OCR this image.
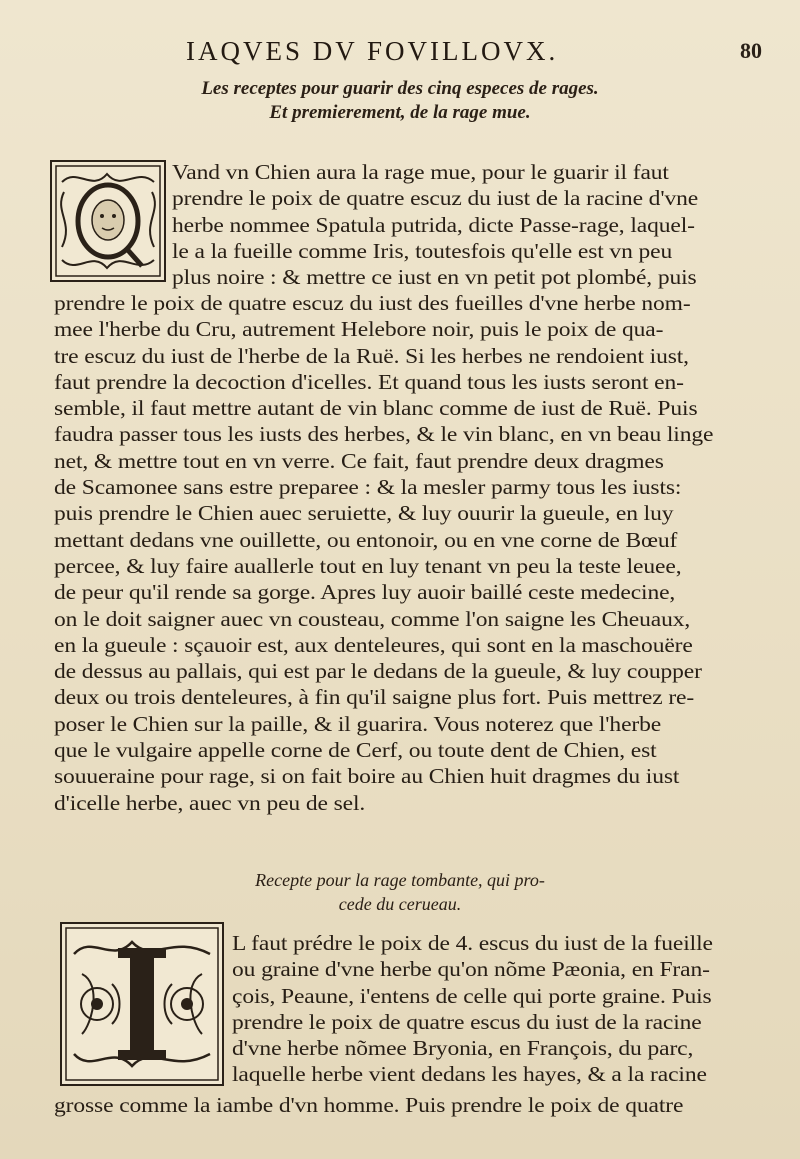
IAQVES DV FOVILLOVX.	80
Les receptes pour guarir des cinq especes de rages.
Et premierement, de la rage mue.
Vand vn Chien aura la rage mue, pour le guarir il faut
prendre le poix de quatre escuz du iust de la racine d'vne
herbe nommee Spatula putrida, dicte Passe-rage, laquel-
le a la fueille comme Iris, toutesfois qu'elle est vn peu
plus noire : & mettre ce iust en vn petit pot plombé, puis
prendre le poix de quatre escuz du iust des fueilles d'vne herbe nom-
mee l'herbe du Cru, autrement Helebore noir, puis le poix de qua-
tre escuz du iust de l'herbe de la Ruë. Si les herbes ne rendoient iust,
faut prendre la decoction d'icelles. Et quand tous les iusts seront en-
semble, il faut mettre autant de vin blanc comme de iust de Ruë. Puis
faudra passer tous les iusts des herbes, & le vin blanc, en vn beau linge
net, & mettre tout en vn verre. Ce fait, faut prendre deux dragmes
de Scamonee sans estre preparee : & la mesler parmy tous les iusts:
puis prendre le Chien auec seruiette, & luy ouurir la gueule, en luy
mettant dedans vne ouillette, ou entonoir, ou en vne corne de Bœuf
percee, & luy faire auallerle tout en luy tenant vn peu la teste leuee,
de peur qu'il rende sa gorge. Apres luy auoir baillé ceste medecine,
on le doit saigner auec vn cousteau, comme l'on saigne les Cheuaux,
en la gueule : sçauoir est, aux denteleures, qui sont en la maschouëre
de dessus au pallais, qui est par le dedans de la gueule, & luy coupper
deux ou trois denteleures, à fin qu'il saigne plus fort. Puis mettrez re-
poser le Chien sur la paille, & il guarira. Vous noterez que l'herbe
que le vulgaire appelle corne de Cerf, ou toute dent de Chien, est
souueraine pour rage, si on fait boire au Chien huit dragmes du iust
d'icelle herbe, auec vn peu de sel.
Recepte pour la rage tombante, qui pro-
cede du cerueau.
L faut prédre le poix de 4. escus du iust de la fueille
ou graine d'vne herbe qu'on nõme Pæonia, en Fran-
çois, Peaune, i'entens de celle qui porte graine. Puis
prendre le poix de quatre escus du iust de la racine
d'vne herbe nõmee Bryonia, en François, du parc,
laquelle herbe vient dedans les hayes, & a la racine
grosse comme la iambe d'vn homme. Puis prendre le poix de quatre
